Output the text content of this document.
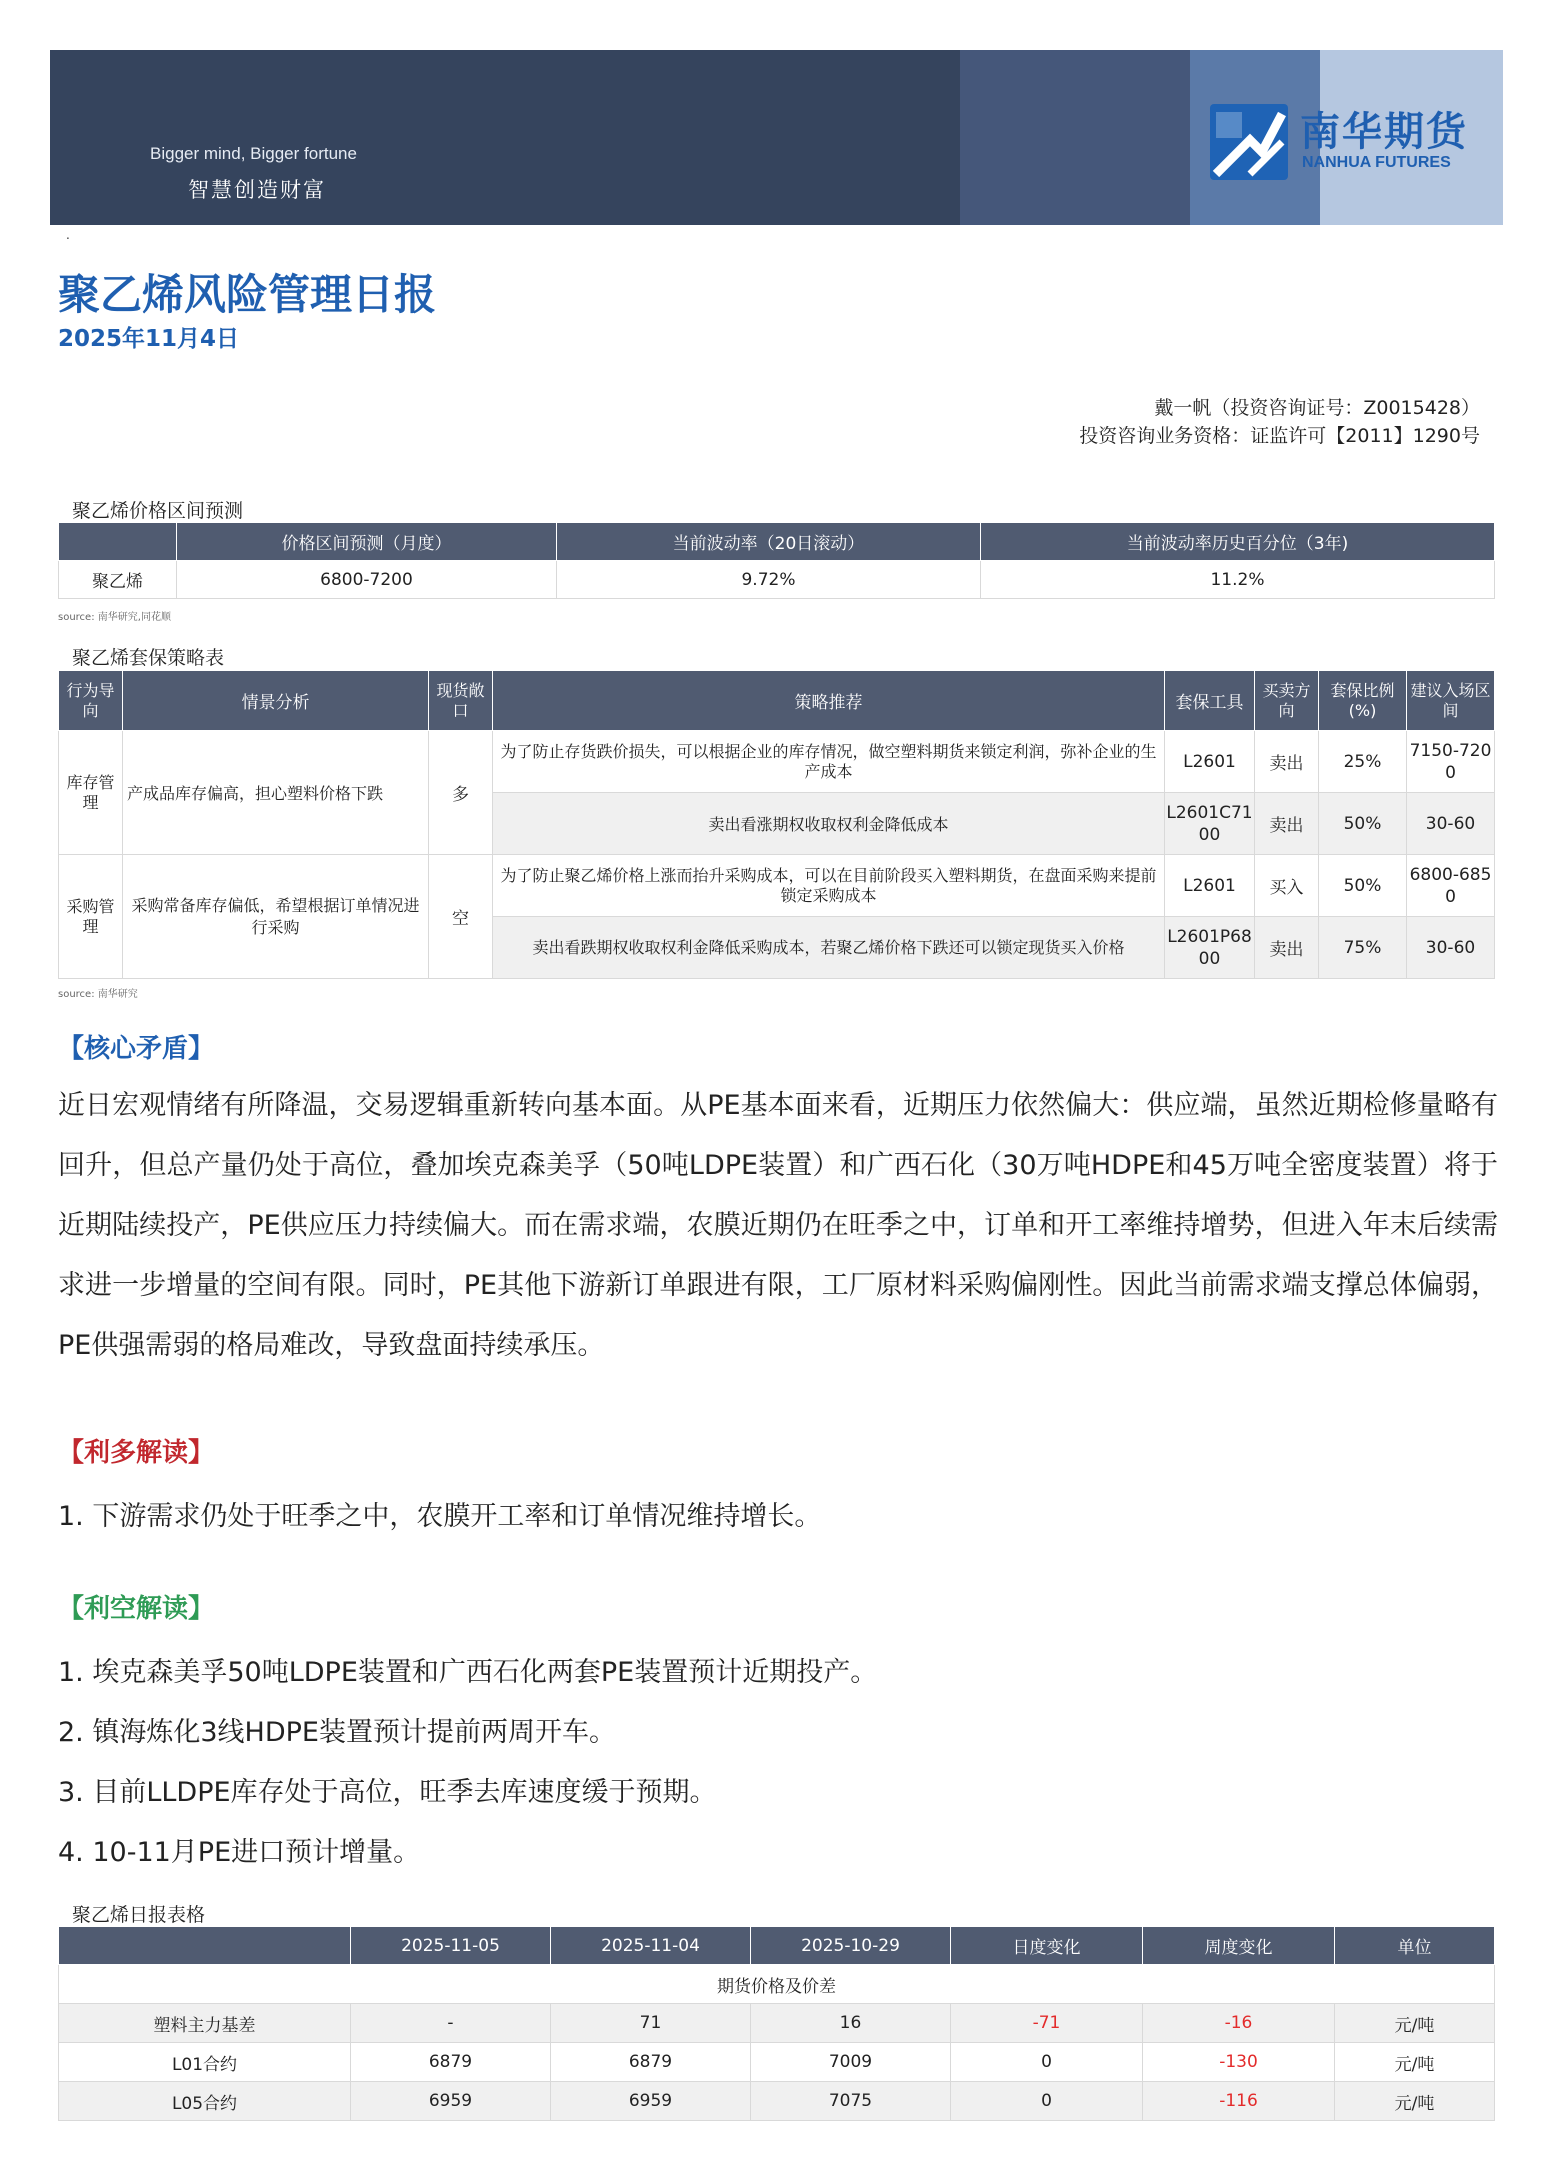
Bigger mind, Bigger fortune
智慧创造财富
南华期货
NANHUA FUTURES
.
聚乙烯风险管理日报
2025年11月4日
戴一帆（投资咨询证号：Z0015428）
投资咨询业务资格：证监许可【2011】1290号
聚乙烯价格区间预测
	价格区间预测（月度）	当前波动率（20日滚动）	当前波动率历史百分位（3年)
聚乙烯	6800-7200	9.72%	11.2%
source: 南华研究,同花顺
聚乙烯套保策略表
行为导向	情景分析	现货敞口	策略推荐	套保工具	买卖方向	套保比例(%)	建议入场区间
库存管理	产成品库存偏高，担心塑料价格下跌	多	为了防止存货跌价损失，可以根据企业的库存情况，做空塑料期货来锁定利润，弥补企业的生产成本	L2601	卖出	25%	7150-7200
			卖出看涨期权收取权利金降低成本	L2601C7100	卖出	50%	30-60
采购管理	采购常备库存偏低，希望根据订单情况进行采购	空	为了防止聚乙烯价格上涨而抬升采购成本，可以在目前阶段买入塑料期货，在盘面采购来提前锁定采购成本	L2601	买入	50%	6800-6850
			卖出看跌期权收取权利金降低采购成本，若聚乙烯价格下跌还可以锁定现货买入价格	L2601P6800	卖出	75%	30-60
source: 南华研究
【核心矛盾】
近日宏观情绪有所降温，交易逻辑重新转向基本面。从PE基本面来看，近期压力依然偏大：供应端，虽然近期检修量略有回升，但总产量仍处于高位，叠加埃克森美孚（50吨LDPE装置）和广西石化（30万吨HDPE和45万吨全密度装置）将于近期陆续投产，PE供应压力持续偏大。而在需求端，农膜近期仍在旺季之中，订单和开工率维持增势，但进入年末后续需求进一步增量的空间有限。同时，PE其他下游新订单跟进有限，工厂原材料采购偏刚性。因此当前需求端支撑总体偏弱，PE供强需弱的格局难改，导致盘面持续承压。
【利多解读】
1. 下游需求仍处于旺季之中，农膜开工率和订单情况维持增长。
【利空解读】
1. 埃克森美孚50吨LDPE装置和广西石化两套PE装置预计近期投产。
2. 镇海炼化3线HDPE装置预计提前两周开车。
3. 目前LLDPE库存处于高位，旺季去库速度缓于预期。
4. 10-11月PE进口预计增量。
聚乙烯日报表格
	2025-11-05	2025-11-04	2025-10-29	日度变化	周度变化	单位
期货价格及价差						
塑料主力基差	-	71	16	-71	-16	元/吨
L01合约	6879	6879	7009	0	-130	元/吨
L05合约	6959	6959	7075	0	-116	元/吨
